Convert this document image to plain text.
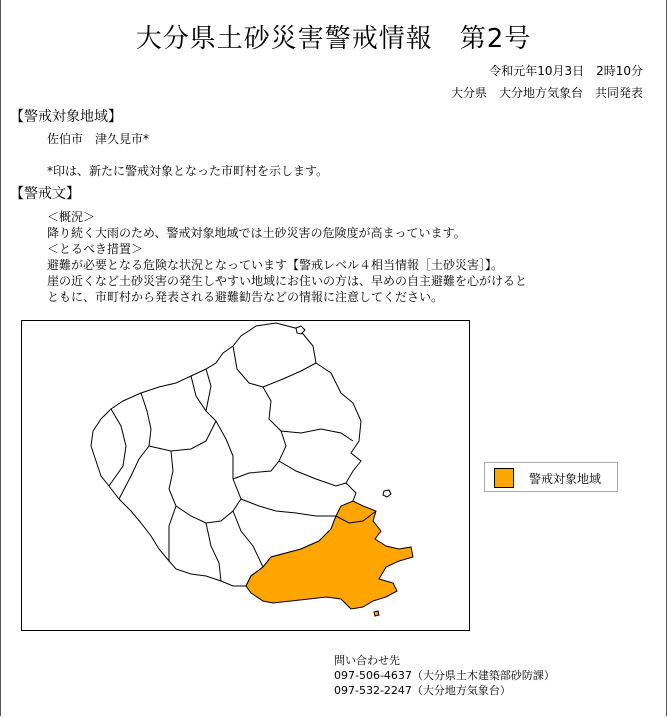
大分県土砂災害警戒情報　第2号
令和元年10月3日　2時10分
大分県　大分地方気象台　共同発表
【警戒対象地域】
佐伯市　津久見市*
*印は、新たに警戒対象となった市町村を示します。
【警戒文】
＜概況＞
降り続く大雨のため、警戒対象地域では土砂災害の危険度が高まっています。
＜とるべき措置＞
避難が必要となる危険な状況となっています【警戒レベル４相当情報［土砂災害］】。
崖の近くなど土砂災害の発生しやすい地域にお住いの方は、早めの自主避難を心がけると
ともに、市町村から発表される避難勧告などの情報に注意してください。
警戒対象地域
問い合わせ先
097-506-4637（大分県土木建築部砂防課）
097-532-2247（大分地方気象台）
